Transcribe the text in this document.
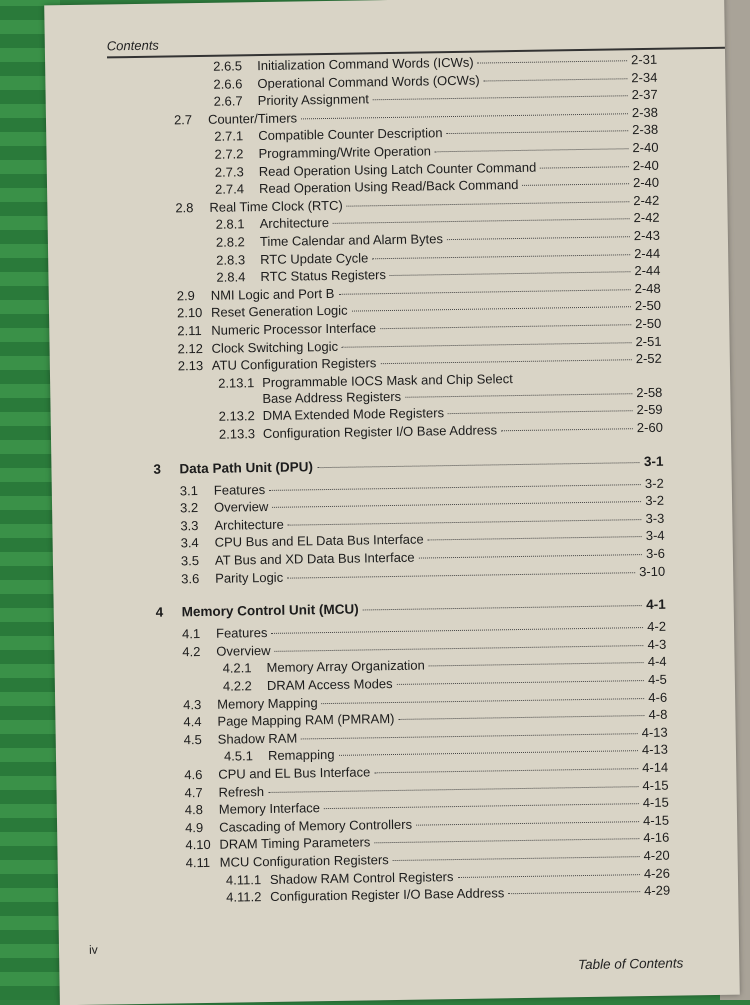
Contents
2.6.5	Initialization Command Words (ICWs)	2-31
2.6.6	Operational Command Words (OCWs)	2-34
2.6.7	Priority Assignment	2-37
2.7	Counter/Timers	2-38
2.7.1	Compatible Counter Description	2-38
2.7.2	Programming/Write Operation	2-40
2.7.3	Read Operation Using Latch Counter Command	2-40
2.7.4	Read Operation Using Read/Back Command	2-40
2.8	Real Time Clock (RTC)	2-42
2.8.1	Architecture	2-42
2.8.2	Time Calendar and Alarm Bytes	2-43
2.8.3	RTC Update Cycle	2-44
2.8.4	RTC Status Registers	2-44
2.9	NMI Logic and Port B	2-48
2.10 Reset Generation Logic	2-50
2.11 Numeric Processor Interface	2-50
2.12 Clock Switching Logic	2-51
2.13 ATU Configuration Registers	2-52
2.13.1 Programmable IOCS Mask and Chip Select
Base Address Registers	2-58
2.13.2 DMA Extended Mode Registers	2-59
2.13.3 Configuration Register I/O Base Address	2-60
3	Data Path Unit (DPU)	3-1
3.1	Features	3-2
3.2	Overview	3-2
3.3	Architecture	3-3
3.4	CPU Bus and EL Data Bus Interface	3-4
3.5	AT Bus and XD Data Bus Interface	3-6
3.6	Parity Logic	3-10
4	Memory Control Unit (MCU)	4-1
4.1	Features	4-2
4.2	Overview	4-3
4.2.1	Memory Array Organization	4-4
4.2.2	DRAM Access Modes	4-5
4.3	Memory Mapping	4-6
4.4	Page Mapping RAM (PMRAM)	4-8
4.5	Shadow RAM	4-13
4.5.1	Remapping	4-13
4.6	CPU and EL Bus Interface	4-14
4.7	Refresh	4-15
4.8	Memory Interface	4-15
4.9	Cascading of Memory Controllers	4-15
4.10 DRAM Timing Parameters	4-16
4.11 MCU Configuration Registers	4-20
4.11.1 Shadow RAM Control Registers	4-26
4.11.2 Configuration Register I/O Base Address	4-29
iv
Table of Contents
